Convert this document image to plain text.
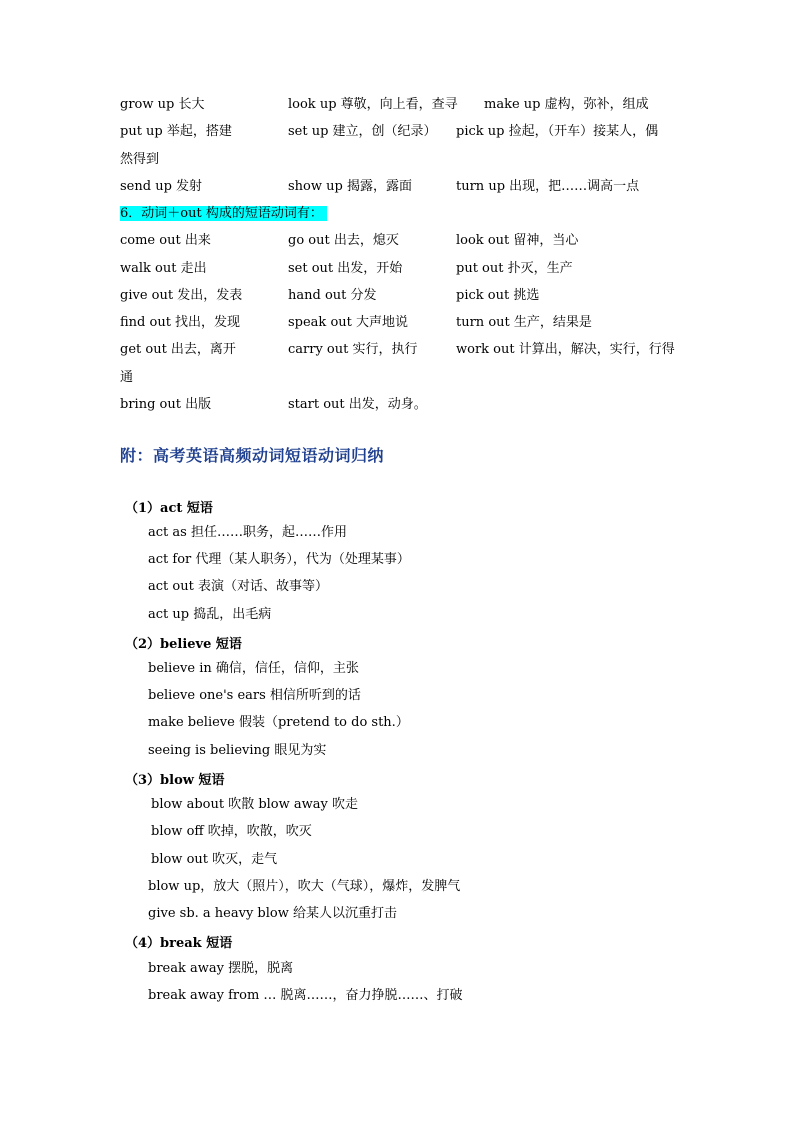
grow up 长大	look up 尊敬，向上看，查寻 make up 虚构，弥补，组成
put up 举起，搭建	set up 建立，创（纪录） pick up 捡起，（开车）接某人，偶
然得到
send up 发射	show up 揭露，露面	turn up 出现，把……调高一点
6．动词＋out 构成的短语动词有：
come out 出来	go out 出去，熄灭	look out 留神，当心
walk out 走出	set out 出发，开始	put out 扑灭，生产
give out 发出，发表	hand out 分发	pick out 挑选
find out 找出，发现	speak out 大声地说	turn out 生产，结果是
get out 出去，离开	carry out 实行，执行	work out 计算出，解决，实行，行得
通
bring out 出版	start out 出发，动身。
附：高考英语高频动词短语动词归纳
（1）act 短语
act as 担任……职务，起……作用
act for 代理（某人职务），代为（处理某事）
act out 表演（对话、故事等）
act up 捣乱，出毛病
（2）believe 短语
believe in 确信，信任，信仰，主张
believe one's ears 相信所听到的话
make believe 假装（pretend to do sth.）
seeing is believing 眼见为实
（3）blow 短语
blow about 吹散 blow away 吹走
blow off 吹掉，吹散，吹灭
blow out 吹灭，走气
blow up，放大（照片），吹大（气球），爆炸，发脾气
give sb. a heavy blow 给某人以沉重打击
（4）break 短语
break away 摆脱，脱离
break away from … 脱离……，奋力挣脱……、打破
